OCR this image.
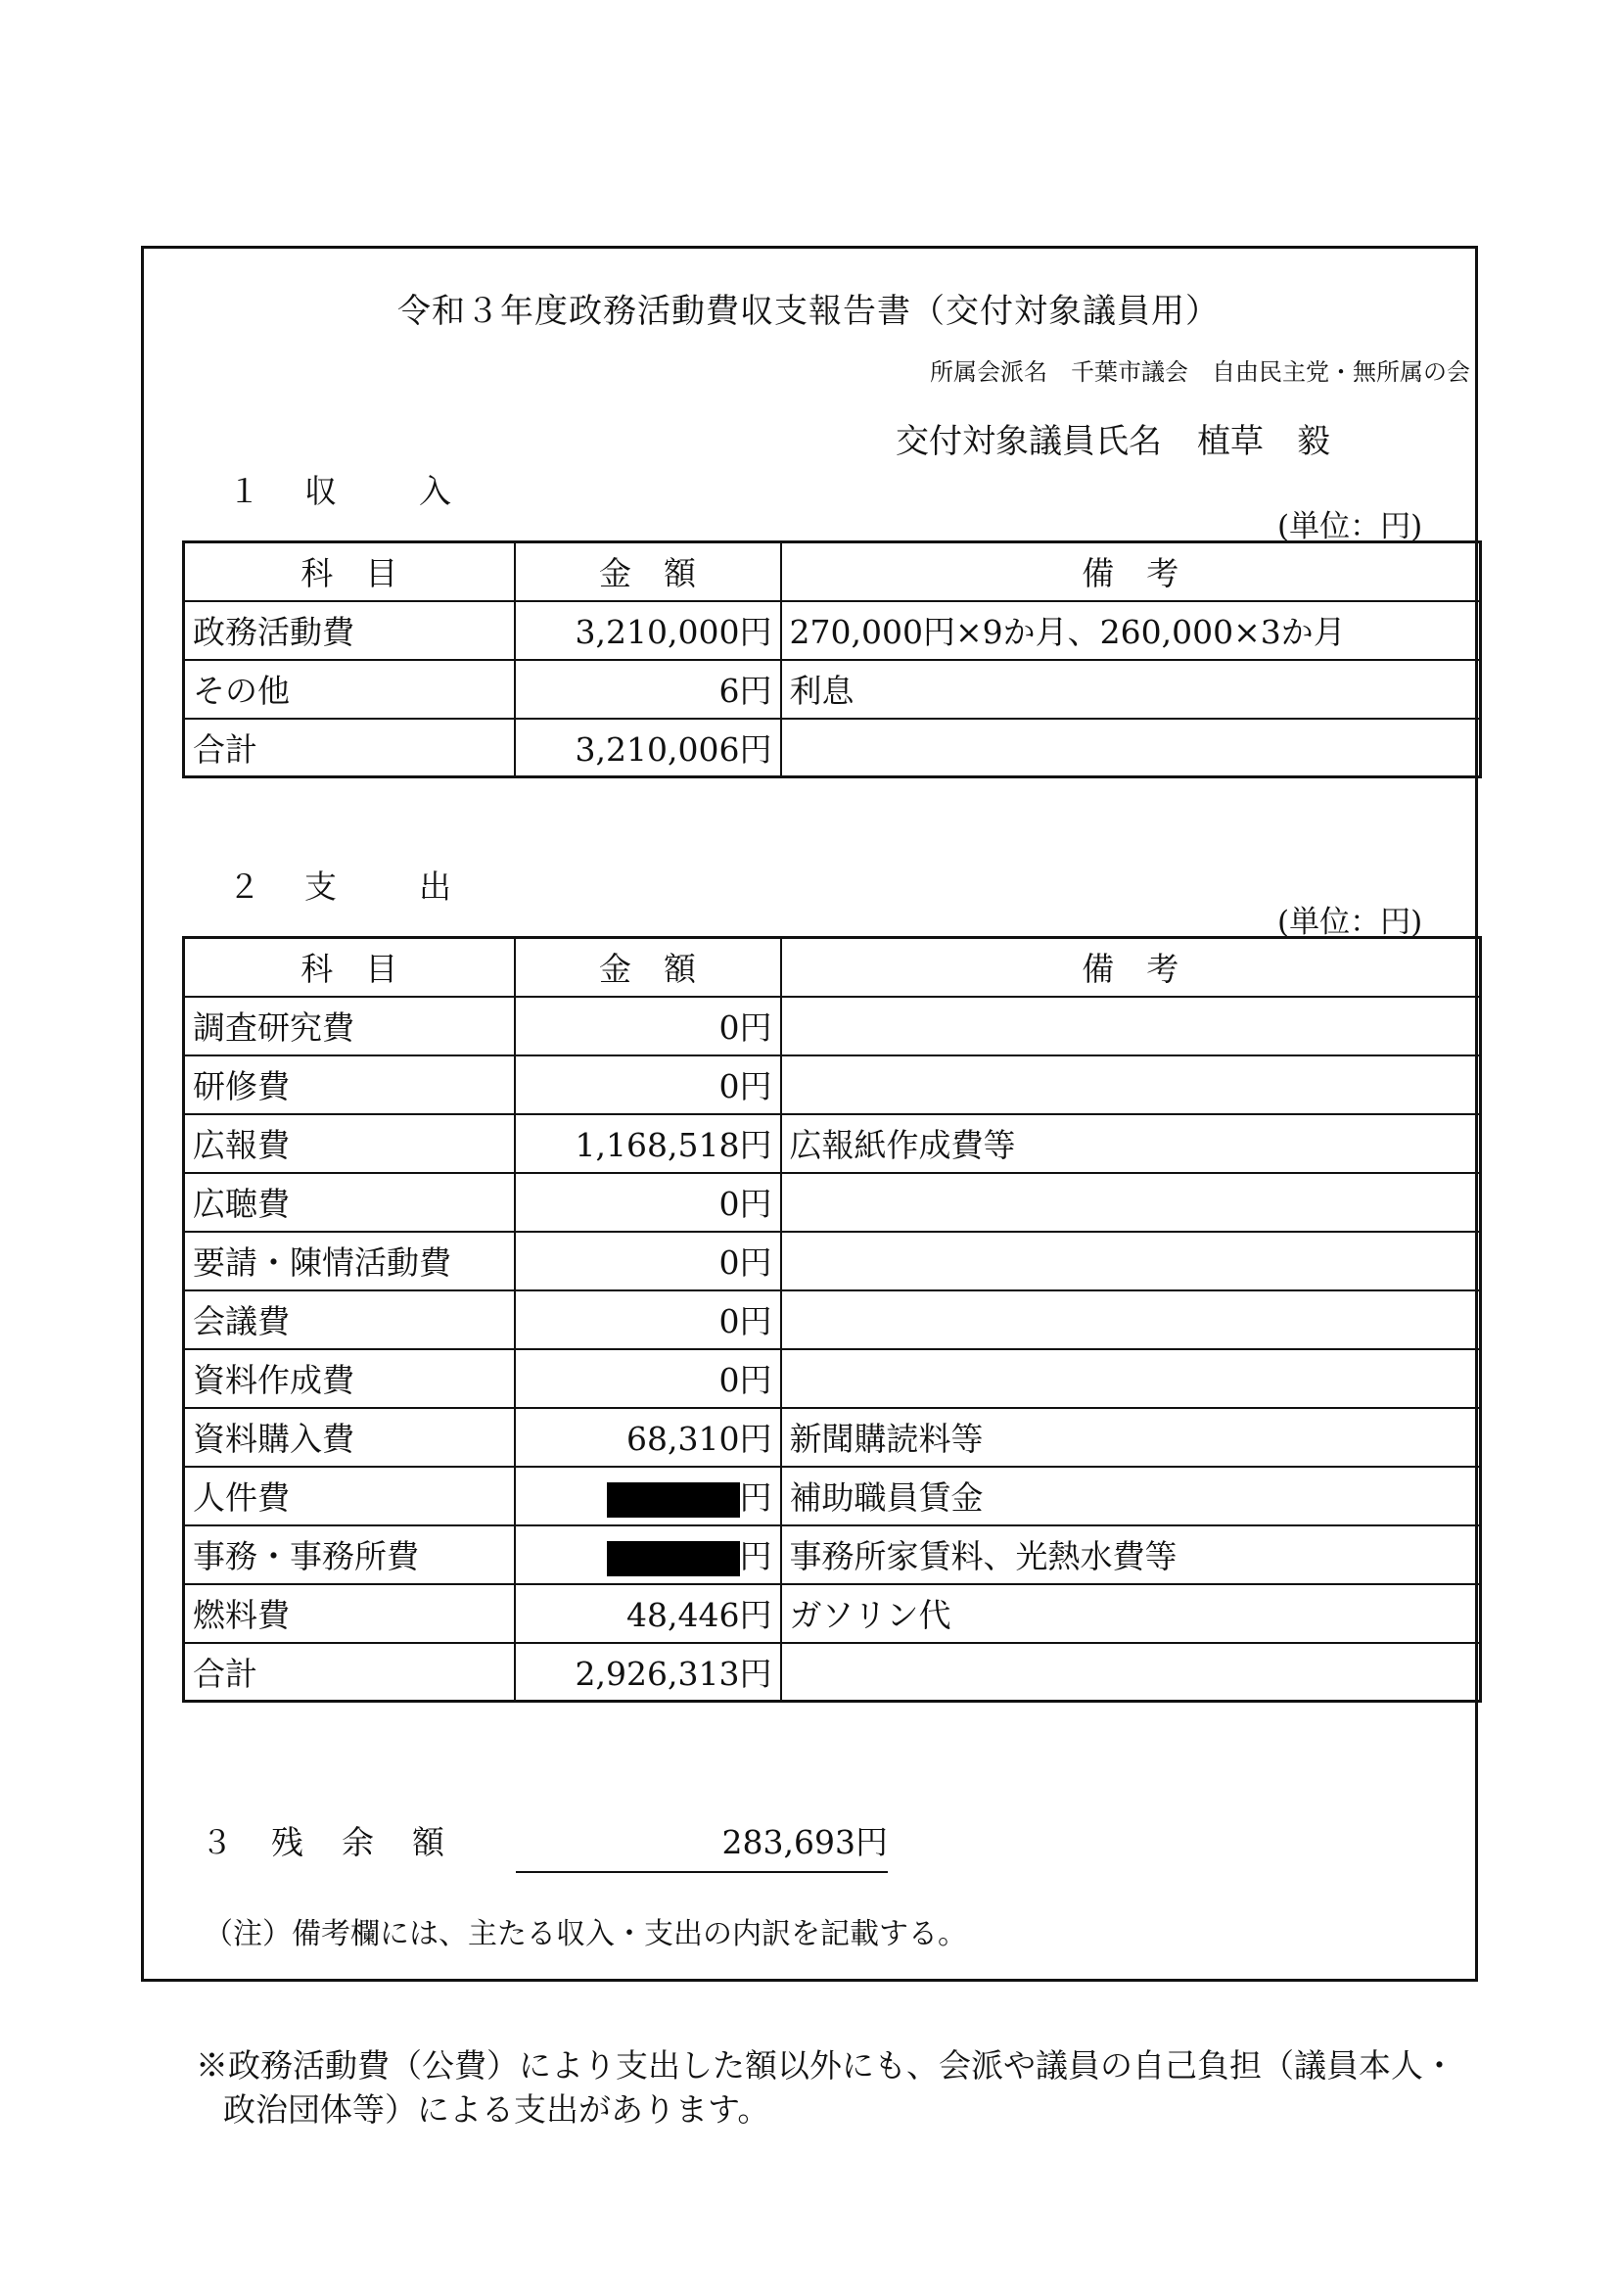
令和３年度政務活動費収支報告書（交付対象議員用）
所属会派名　千葉市議会　自由民主党・無所属の会
交付対象議員氏名 植草　毅
１　収　　入
(単位：円)
科　目	金　額	備　考
政務活動費	3,210,000円	270,000円×9か月、260,000×3か月
その他	6円	利息
合計	3,210,006円	
２　支　　出
(単位：円)
科　目	金　額	備　考
調査研究費	0円	
研修費	0円	
広報費	1,168,518円	広報紙作成費等
広聴費	0円	
要請・陳情活動費	0円	
会議費	0円	
資料作成費	0円	
資料購入費	68,310円	新聞購読料等
人件費	円	補助職員賃金
事務・事務所費	円	事務所家賃料、光熱水費等
燃料費	48,446円	ガソリン代
合計	2,926,313円	
３　残　余　額	283,693円
（注）備考欄には、主たる収入・支出の内訳を記載する。
※政務活動費（公費）により支出した額以外にも、会派や議員の自己負担（議員本人・
政治団体等）による支出があります。
